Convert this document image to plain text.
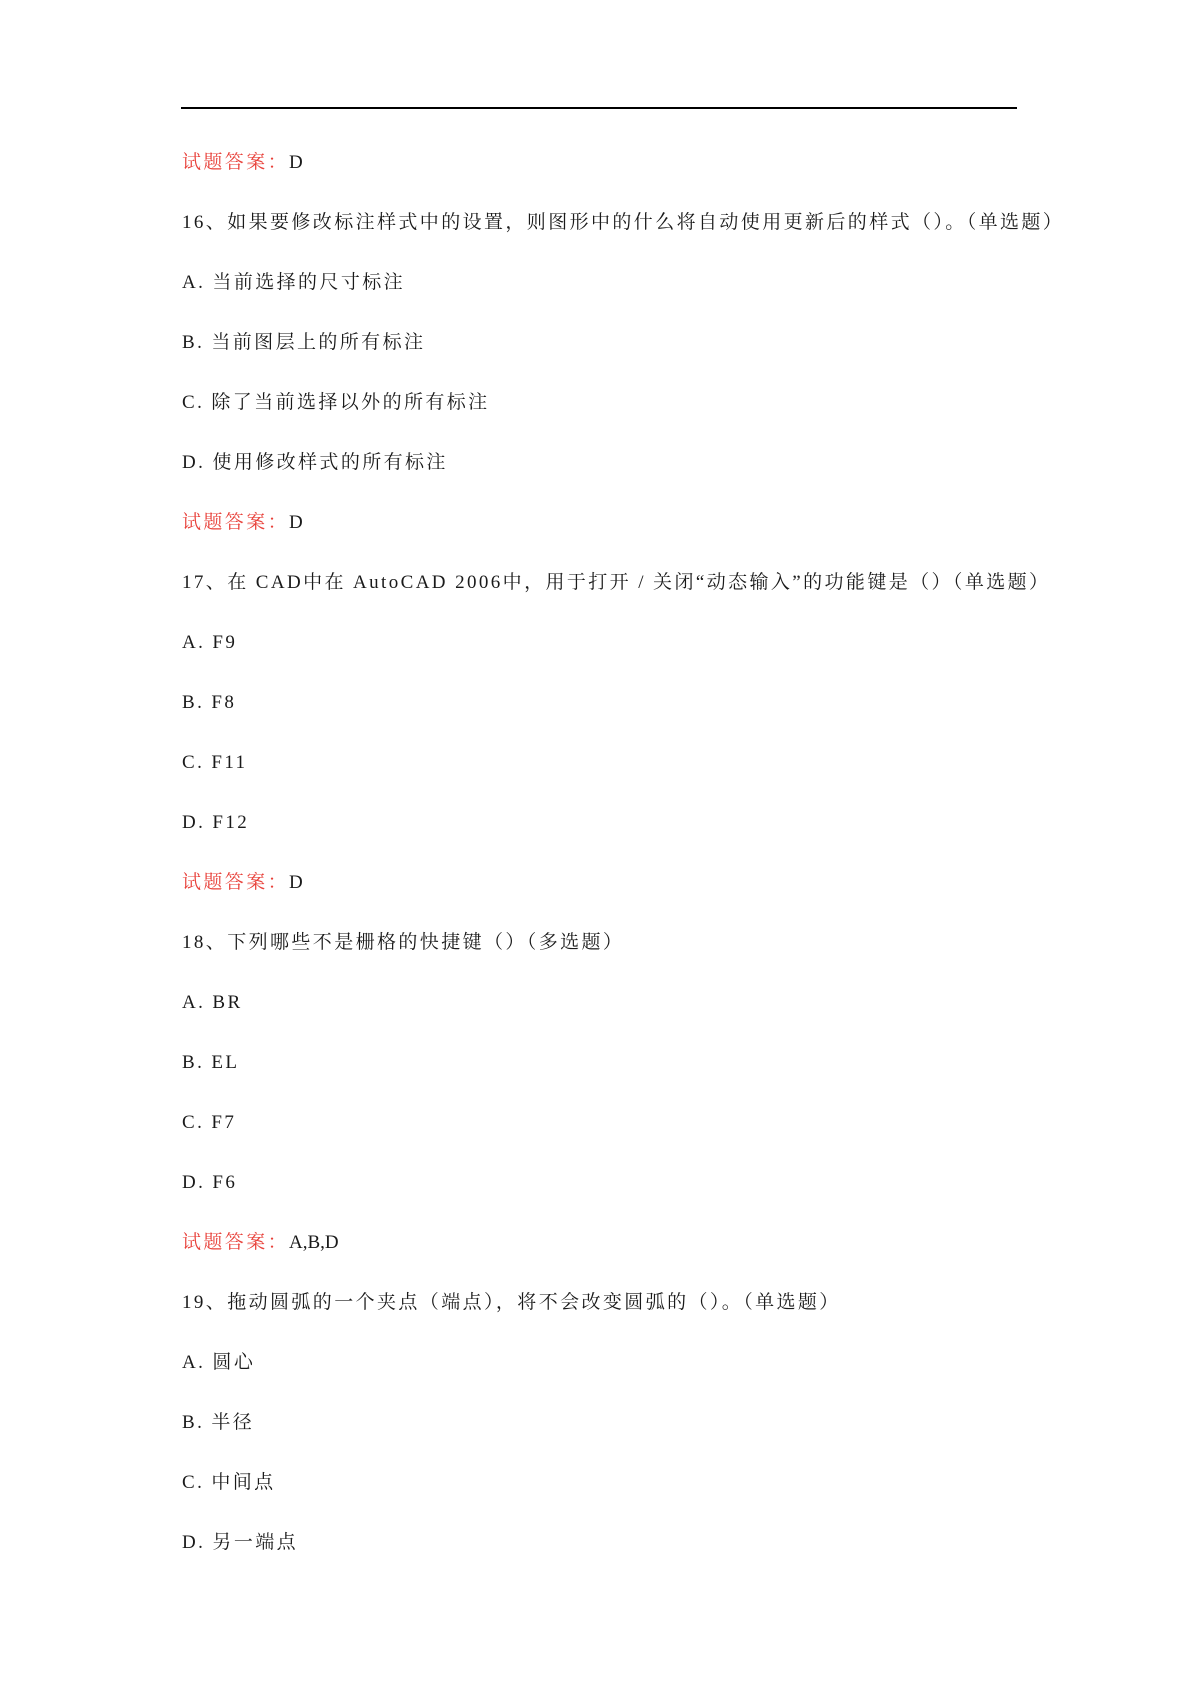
试题答案：D
16、如果要修改标注样式中的设置，则图形中的什么将自动使用更新后的样式（）。（单选题）
A. 当前选择的尺寸标注
B. 当前图层上的所有标注
C. 除了当前选择以外的所有标注
D. 使用修改样式的所有标注
试题答案：D
17、在 CAD中在 AutoCAD 2006中，用于打开 / 关闭“动态输入”的功能键是（）（单选题）
A. F9
B. F8
C. F11
D. F12
试题答案：D
18、下列哪些不是栅格的快捷键（）（多选题）
A. BR
B. EL
C. F7
D. F6
试题答案：A,B,D
19、拖动圆弧的一个夹点（端点），将不会改变圆弧的（）。（单选题）
A. 圆心
B. 半径
C. 中间点
D. 另一端点
